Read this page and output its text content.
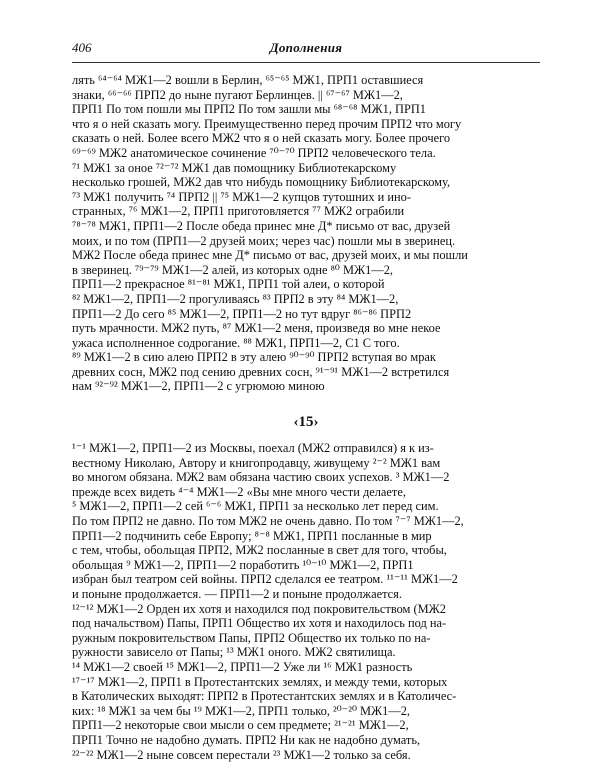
406	Дополнения

лять ⁶⁴⁻⁶⁴ МЖ1—2 вошли в Берлин, ⁶⁵⁻⁶⁵ МЖ1, ПРП1 оставшиеся

знаки, ⁶⁶⁻⁶⁶ ПРП2 до ныне пугают Берлинцев. || ⁶⁷⁻⁶⁷ МЖ1—2,

ПРП1 По том пошли мы ПРП2 По том зашли мы ⁶⁸⁻⁶⁸ МЖ1, ПРП1

что я о ней сказать могу. Преимущественно перед прочим ПРП2 что могу

сказать о ней. Более всего МЖ2 что я о ней сказать могу. Более прочего

⁶⁹⁻⁶⁹ МЖ2 анатомическое сочинение ⁷⁰⁻⁷⁰ ПРП2 человеческого тела.

⁷¹ МЖ1 за оное ⁷²⁻⁷² МЖ1 дав помощнику Библиотекарскому

несколько грошей, МЖ2 дав что нибудь помощнику Библиотекарскому,

⁷³ МЖ1 получить ⁷⁴ ПРП2 || ⁷⁵ МЖ1—2 купцов тутошних и ино-

странных, ⁷⁶ МЖ1—2, ПРП1 приготовляется ⁷⁷ МЖ2 ограбили

⁷⁸⁻⁷⁸ МЖ1, ПРП1—2 После обеда принес мне Д* письмо от вас, друзей

моих, и по том (ПРП1—2 друзей моих; через час) пошли мы в зверинец.

МЖ2 После обеда принес мне Д* письмо от вас, друзей моих, и мы пошли

в зверинец. ⁷⁹⁻⁷⁹ МЖ1—2 алей, из которых одне ⁸⁰ МЖ1—2,

ПРП1—2 прекрасное ⁸¹⁻⁸¹ МЖ1, ПРП1 той алеи, о которой

⁸² МЖ1—2, ПРП1—2 прогуливаясь ⁸³ ПРП2 в эту ⁸⁴ МЖ1—2,

ПРП1—2 До сего ⁸⁵ МЖ1—2, ПРП1—2 но тут вдруг ⁸⁶⁻⁸⁶ ПРП2

путь мрачности. МЖ2 путь, ⁸⁷ МЖ1—2 меня, произведя во мне некое

ужаса исполненное содрогание. ⁸⁸ МЖ1, ПРП1—2, С1 С того.

⁸⁹ МЖ1—2 в сию алею ПРП2 в эту алею ⁹⁰⁻⁹⁰ ПРП2 вступая во мрак

древних сосн, МЖ2 под сению древних сосн, ⁹¹⁻⁹¹ МЖ1—2 встретился

нам ⁹²⁻⁹² МЖ1—2, ПРП1—2 с угрюмою миною

‹15›

¹⁻¹ МЖ1—2, ПРП1—2 из Москвы, поехал (МЖ2 отправился) я к из-

вестному Николаю, Автору и книгопродавцу, живущему ²⁻² МЖ1 вам

во многом обязана. МЖ2 вам обязана частию своих успехов. ³ МЖ1—2

прежде всех видеть ⁴⁻⁴ МЖ1—2 «Вы мне много чести делаете,

⁵ МЖ1—2, ПРП1—2 сей ⁶⁻⁶ МЖ1, ПРП1 за несколько лет перед сим.

По том ПРП2 не давно. По том МЖ2 не очень давно. По том ⁷⁻⁷ МЖ1—2,

ПРП1—2 подчинить себе Европу; ⁸⁻⁸ МЖ1, ПРП1 посланные в мир

с тем, чтобы, обольщая ПРП2, МЖ2 посланные в свет для того, чтобы,

обольщая ⁹ МЖ1—2, ПРП1—2 поработить ¹⁰⁻¹⁰ МЖ1—2, ПРП1

избран был театром сей войны. ПРП2 сделался ее театром. ¹¹⁻¹¹ МЖ1—2

и поныне продолжается. — ПРП1—2 и поныне продолжается.

¹²⁻¹² МЖ1—2 Орден их хотя и находился под покровительством (МЖ2

под начальством) Папы, ПРП1 Общество их хотя и находилось под на-

ружным покровительством Папы, ПРП2 Общество их только по на-

ружности зависело от Папы; ¹³ МЖ1 оного. МЖ2 святилища.

¹⁴ МЖ1—2 своей ¹⁵ МЖ1—2, ПРП1—2 Уже ли ¹⁶ МЖ1 разность

¹⁷⁻¹⁷ МЖ1—2, ПРП1 в Протестантских землях, и между теми, которых

в Католических выходят: ПРП2 в Протестантских землях и в Католичес-

ких: ¹⁸ МЖ1 за чем бы ¹⁹ МЖ1—2, ПРП1 только, ²⁰⁻²⁰ МЖ1—2,

ПРП1—2 некоторые свои мысли о сем предмете; ²¹⁻²¹ МЖ1—2,

ПРП1 Точно не надобно думать. ПРП2 Ни как не надобно думать,

²²⁻²² МЖ1—2 ныне совсем перестали ²³ МЖ1—2 только за себя.
